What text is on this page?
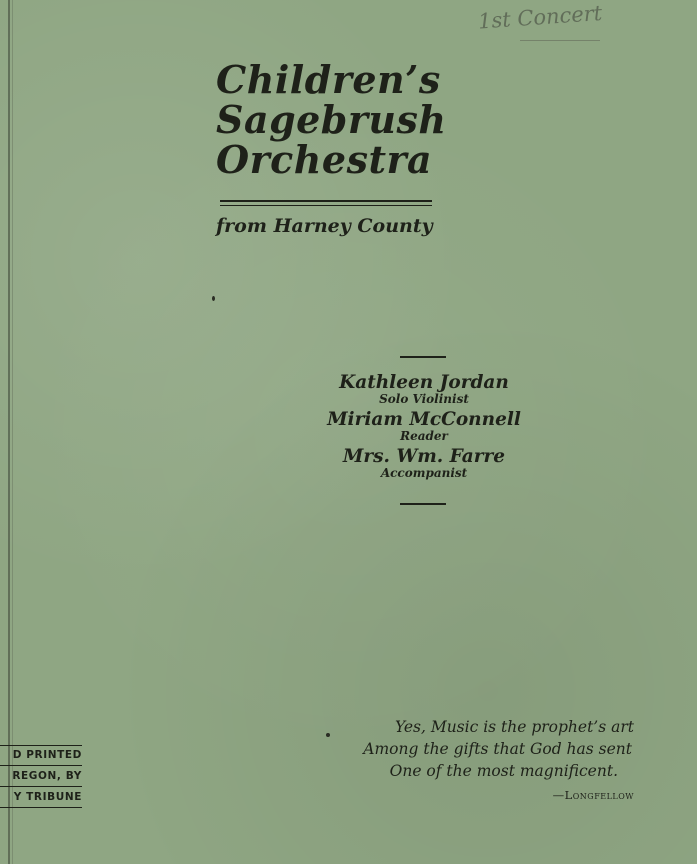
1st Concert
Children’s
Sagebrush
Orchestra
from Harney County
Kathleen Jordan
Solo Violinist
Miriam McConnell
Reader
Mrs. Wm. Farre
Accompanist
D PRINTED
REGON, BY
Y TRIBUNE
Yes, Music is the prophet’s art
Among the gifts that God has sent
One of the most magnificent.
—Longfellow
